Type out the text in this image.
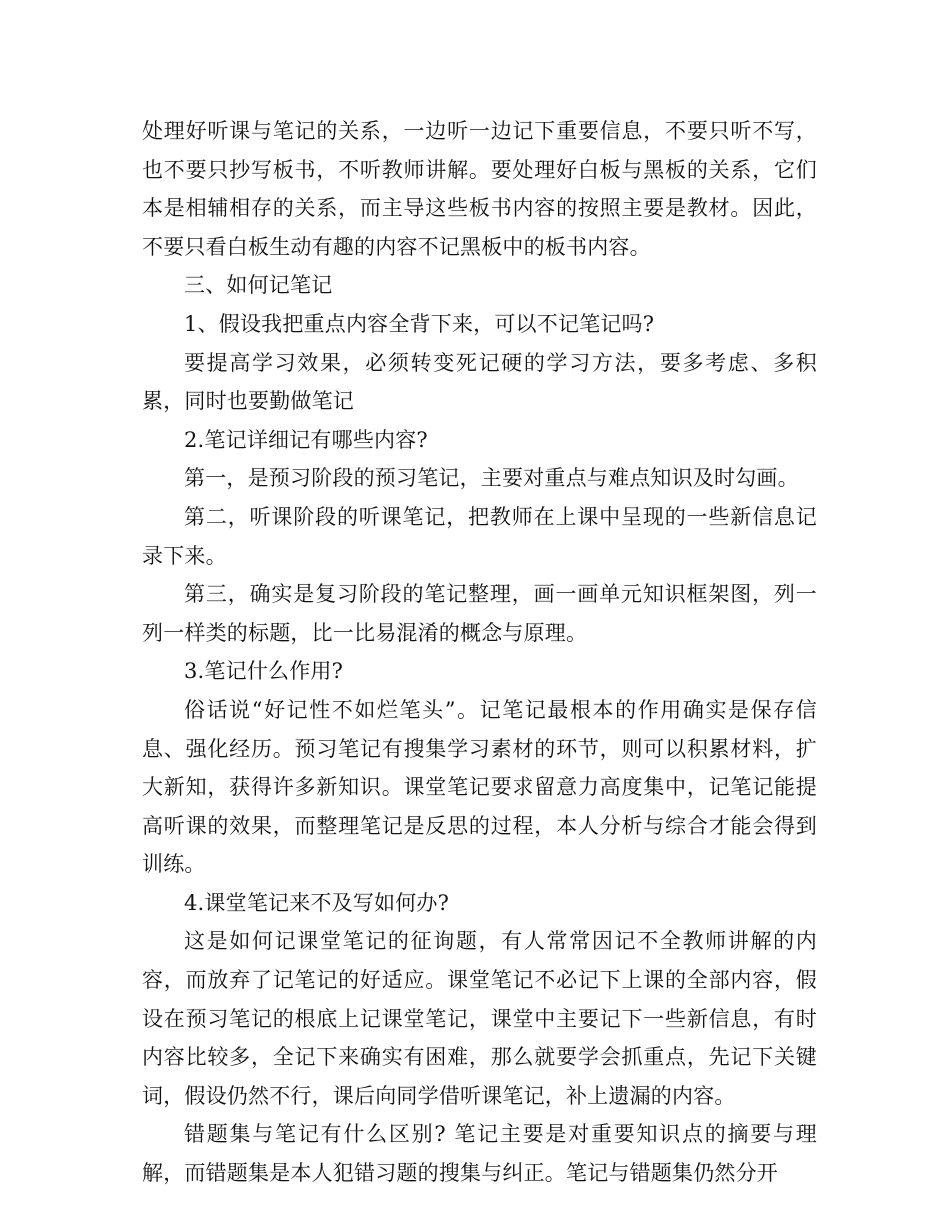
处理好听课与笔记的关系，一边听一边记下重要信息，不要只听不写，也不要只抄写板书，不听教师讲解。要处理好白板与黑板的关系，它们本是相辅相存的关系，而主导这些板书内容的按照主要是教材。因此，不要只看白板生动有趣的内容不记黑板中的板书内容。

三、如何记笔记

1、假设我把重点内容全背下来，可以不记笔记吗?

要提高学习效果，必须转变死记硬的学习方法，要多考虑、多积累，同时也要勤做笔记

2.笔记详细记有哪些内容?

第一，是预习阶段的预习笔记，主要对重点与难点知识及时勾画。

第二，听课阶段的听课笔记，把教师在上课中呈现的一些新信息记录下来。

第三，确实是复习阶段的笔记整理，画一画单元知识框架图，列一列一样类的标题，比一比易混淆的概念与原理。

3.笔记什么作用?

俗话说“好记性不如烂笔头”。记笔记最根本的作用确实是保存信息、强化经历。预习笔记有搜集学习素材的环节，则可以积累材料，扩大新知，获得许多新知识。课堂笔记要求留意力高度集中，记笔记能提高听课的效果，而整理笔记是反思的过程，本人分析与综合才能会得到训练。

4.课堂笔记来不及写如何办?

这是如何记课堂笔记的征询题，有人常常因记不全教师讲解的内容，而放弃了记笔记的好适应。课堂笔记不必记下上课的全部内容，假设在预习笔记的根底上记课堂笔记，课堂中主要记下一些新信息，有时内容比较多，全记下来确实有困难，那么就要学会抓重点，先记下关键词，假设仍然不行，课后向同学借听课笔记，补上遗漏的内容。

错题集与笔记有什么区别? 笔记主要是对重要知识点的摘要与理解，而错题集是本人犯错习题的搜集与纠正。笔记与错题集仍然分开
